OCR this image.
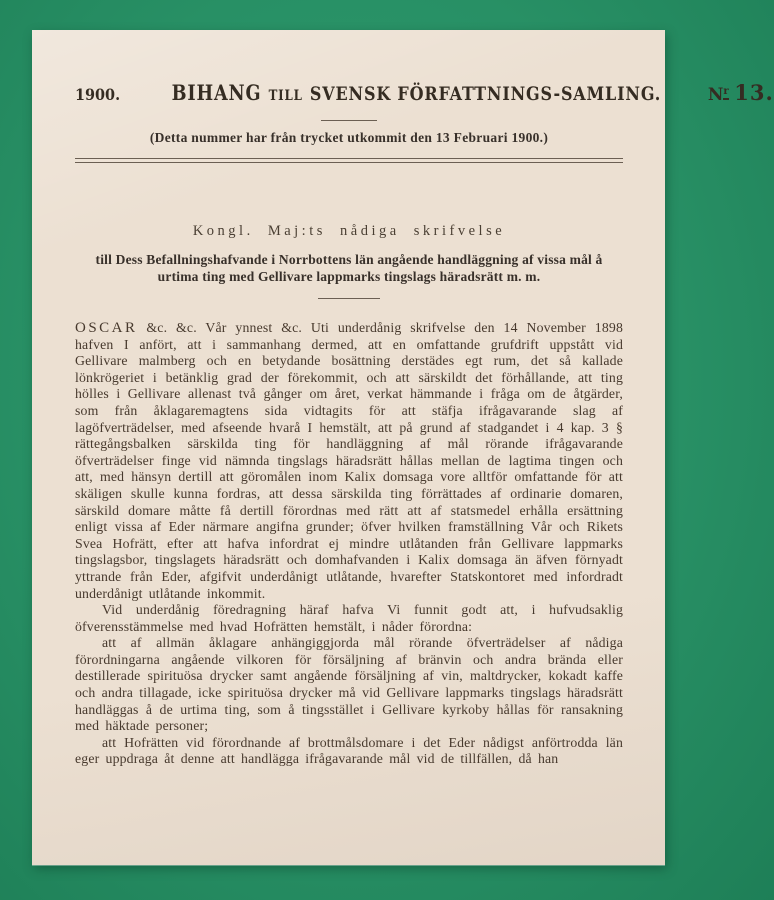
1900. BIHANG TILL SVENSK FÖRFATTNINGS-SAMLING.	$N^r$ 13.
(Detta nummer har från trycket utkommit den 13 Februari 1900.)
Kongl. Maj:ts nådiga skrifvelse
till Dess Befallningshafvande i Norrbottens län angående handläggning af vissa mål å urtima ting med Gellivare lappmarks tingslags häradsrätt m. m.

OSCAR &c. &c. Vår ynnest &c. Uti underdånig skrifvelse den 14 November 1898 hafven I anfört, att i sammanhang dermed, att en omfattande grufdrift uppstått vid Gellivare malmberg och en betydande bosättning derstädes egt rum, det så kallade lönkrögeriet i betänklig grad der förekommit, och att särskildt det förhållande, att ting hölles i Gellivare allenast två gånger om året, verkat hämmande i fråga om de åtgärder, som från åklagaremagtens sida vidtagits för att stäfja ifrågavarande slag af lagöfverträdelser, med afseende hvarå I hemstält, att på grund af stadgandet i 4 kap. 3 § rättegångsbalken särskilda ting för handläggning af mål rörande ifrågavarande öfverträdelser finge vid nämnda tingslags häradsrätt hållas mellan de lagtima tingen och att, med hänsyn dertill att göromålen inom Kalix domsaga vore alltför omfattande för att skäligen skulle kunna fordras, att dessa särskilda ting förrättades af ordinarie domaren, särskild domare måtte få dertill förordnas med rätt att af statsmedel erhålla ersättning enligt vissa af Eder närmare angifna grunder; öfver hvilken framställning Vår och Rikets Svea Hofrätt, efter att hafva infordrat ej mindre utlåtanden från Gellivare lappmarks tingslagsbor, tingslagets häradsrätt och domhafvanden i Kalix domsaga än äfven förnyadt yttrande från Eder, afgifvit underdånigt utlåtande, hvarefter Statskontoret med infordradt underdånigt utlåtande inkommit.

Vid underdånig föredragning häraf hafva Vi funnit godt att, i hufvudsaklig öfverensstämmelse med hvad Hofrätten hemstält, i nåder förordna:

att af allmän åklagare anhängiggjorda mål rörande öfverträdelser af nådiga förordningarna angående vilkoren för försäljning af bränvin och andra brända eller destillerade spirituösa drycker samt angående försäljning af vin, maltdrycker, kokadt kaffe och andra tillagade, icke spirituösa drycker må vid Gellivare lappmarks tingslags häradsrätt handläggas å de urtima ting, som å tingsstället i Gellivare kyrkoby hållas för ransakning med häktade personer;

att Hofrätten vid förordnande af brottmålsdomare i det Eder nådigst anförtrodda län eger uppdraga åt denne att handlägga ifrågavarande mål vid de tillfällen, då han
